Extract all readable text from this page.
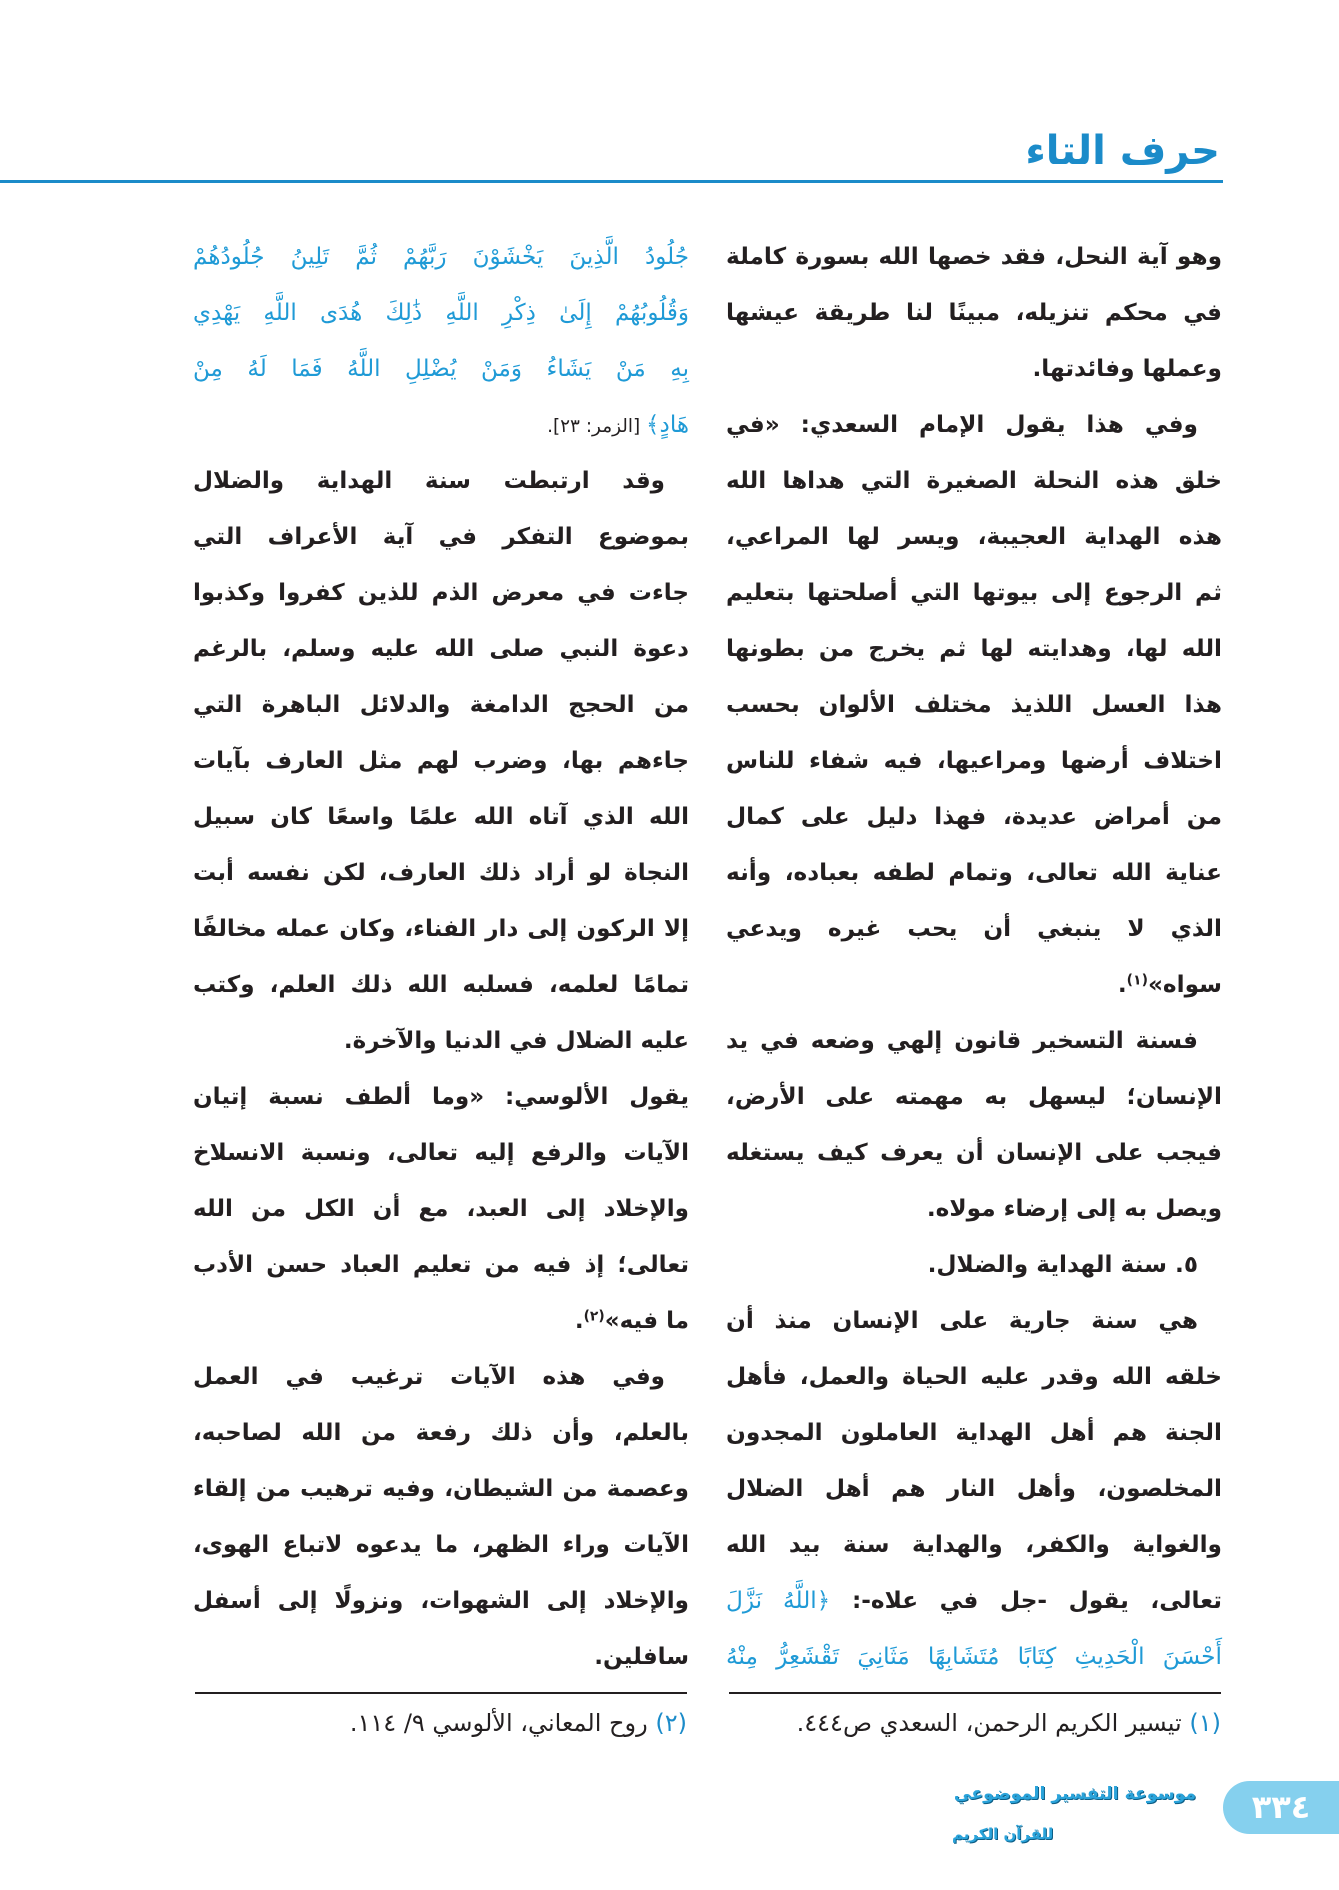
حرف التاء
وهو آية النحل، فقد خصها الله بسورة كاملة
في محكم تنزيله، مبينًا لنا طريقة عيشها
وعملها وفائدتها.
وفي هذا يقول الإمام السعدي: «في
خلق هذه النحلة الصغيرة التي هداها الله
هذه الهداية العجيبة، ويسر لها المراعي،
ثم الرجوع إلى بيوتها التي أصلحتها بتعليم
الله لها، وهدايته لها ثم يخرج من بطونها
هذا العسل اللذيذ مختلف الألوان بحسب
اختلاف أرضها ومراعيها، فيه شفاء للناس
من أمراض عديدة، فهذا دليل على كمال
عناية الله تعالى، وتمام لطفه بعباده، وأنه
الذي لا ينبغي أن يحب غيره ويدعي
سواه»$^{(١)}$.
فسنة التسخير قانون إلهي وضعه في يد
الإنسان؛ ليسهل به مهمته على الأرض،
فيجب على الإنسان أن يعرف كيف يستغله
ويصل به إلى إرضاء مولاه.
٥. سنة الهداية والضلال.
هي سنة جارية على الإنسان منذ أن
خلقه الله وقدر عليه الحياة والعمل، فأهل
الجنة هم أهل الهداية العاملون المجدون
المخلصون، وأهل النار هم أهل الضلال
والغواية والكفر، والهداية سنة بيد الله
تعالى، يقول -جل في علاه-: ﴿اللَّهُ نَزَّلَ
أَحْسَنَ الْحَدِيثِ كِتَابًا مُتَشَابِهًا مَثَانِيَ تَقْشَعِرُّ مِنْهُ
جُلُودُ الَّذِينَ يَخْشَوْنَ رَبَّهُمْ ثُمَّ تَلِينُ جُلُودُهُمْ
وَقُلُوبُهُمْ إِلَىٰ ذِكْرِ اللَّهِ ذَٰلِكَ هُدَى اللَّهِ يَهْدِي
بِهِ مَنْ يَشَاءُ وَمَنْ يُضْلِلِ اللَّهُ فَمَا لَهُ مِنْ
هَادٍ﴾ [الزمر: ٢٣].
وقد ارتبطت سنة الهداية والضلال
بموضوع التفكر في آية الأعراف التي
جاءت في معرض الذم للذين كفروا وكذبوا
دعوة النبي صلى الله عليه وسلم، بالرغم
من الحجج الدامغة والدلائل الباهرة التي
جاءهم بها، وضرب لهم مثل العارف بآيات
الله الذي آتاه الله علمًا واسعًا كان سبيل
النجاة لو أراد ذلك العارف، لكن نفسه أبت
إلا الركون إلى دار الفناء، وكان عمله مخالفًا
تمامًا لعلمه، فسلبه الله ذلك العلم، وكتب
عليه الضلال في الدنيا والآخرة.
يقول الألوسي: «وما ألطف نسبة إتيان
الآيات والرفع إليه تعالى، ونسبة الانسلاخ
والإخلاد إلى العبد، مع أن الكل من الله
تعالى؛ إذ فيه من تعليم العباد حسن الأدب
ما فيه»$^{(٢)}$.
وفي هذه الآيات ترغيب في العمل
بالعلم، وأن ذلك رفعة من الله لصاحبه،
وعصمة من الشيطان، وفيه ترهيب من إلقاء
الآيات وراء الظهر، ما يدعوه لاتباع الهوى،
والإخلاد إلى الشهوات، ونزولًا إلى أسفل
سافلين.
(١) تيسير الكريم الرحمن، السعدي ص٤٤٤.
(٢) روح المعاني، الألوسي ٩/ ١١٤.
موسوعة التفسير الموضوعي
للقرآن الكريم
٣٣٤
